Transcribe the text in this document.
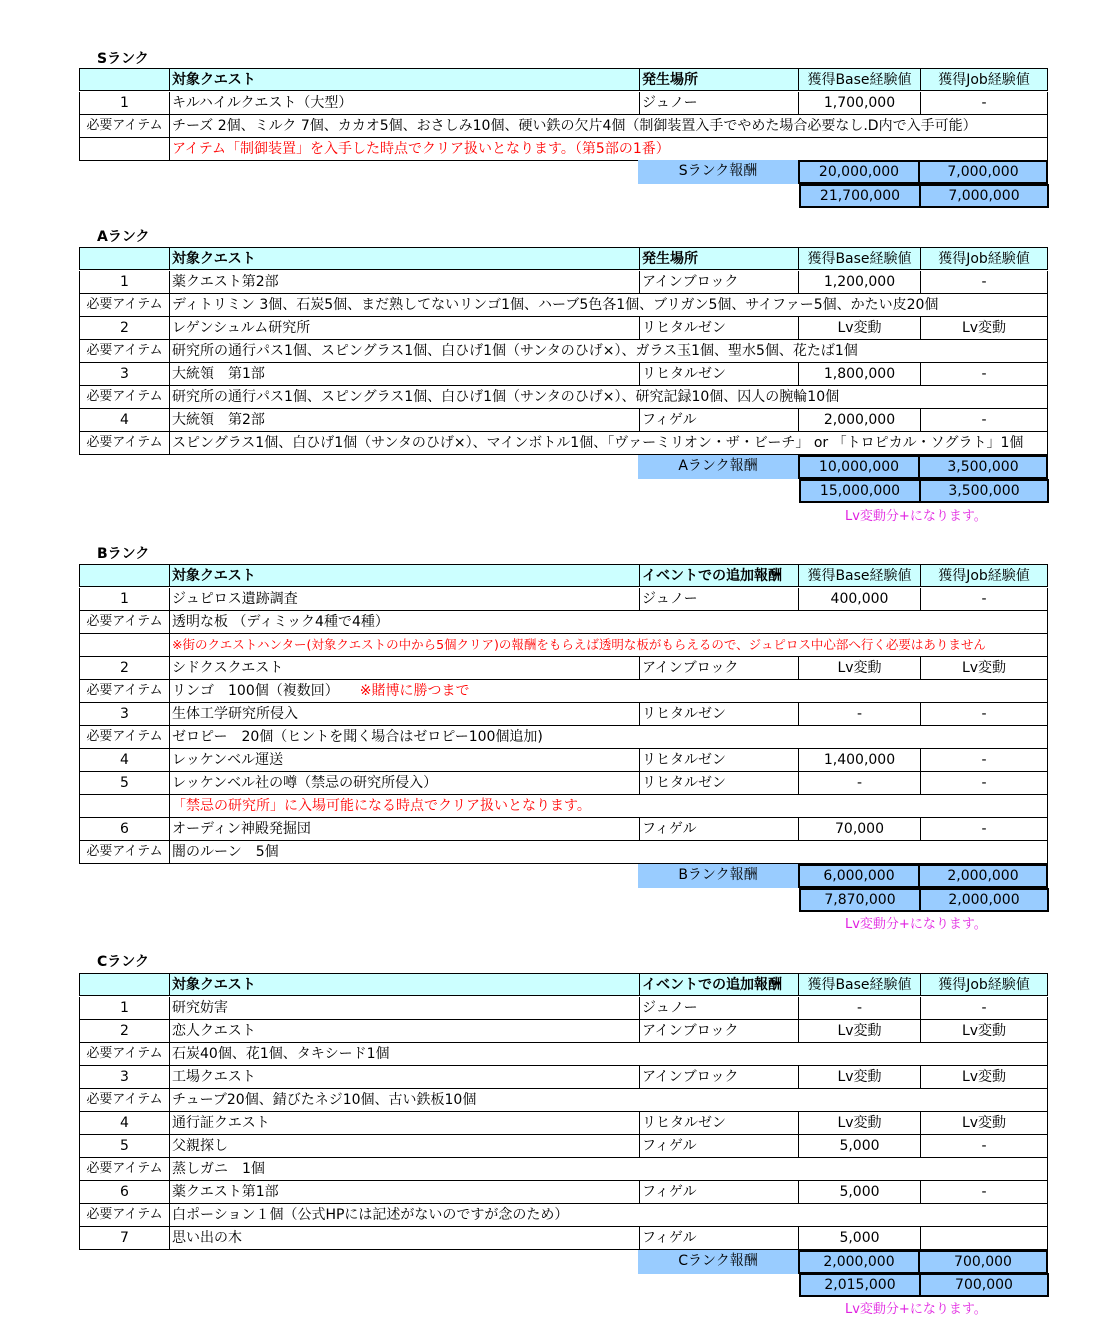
Sランク
対象クエスト	発生場所	獲得Base経験値	獲得Job経験値
1	キルハイルクエスト（大型）	ジュノー	1,700,000	-
必要アイテム チーズ 2個、ミルク 7個、カカオ5個、おさしみ10個、硬い鉄の欠片4個（制御装置入手でやめた場合必要なし.D内で入手可能）
アイテム「制御装置」を入手した時点でクリア扱いとなります。（第5部の1番）
Sランク報酬	20,000,000	7,000,000
21,700,000	7,000,000
Aランク
対象クエスト	発生場所	獲得Base経験値	獲得Job経験値
1	薬クエスト第2部	アインブロック	1,200,000	-
必要アイテム ディトリミン 3個、石炭5個、まだ熟してないリンゴ1個、ハーブ5色各1個、ブリガン5個、サイファー5個、かたい皮20個
2	レゲンシュルム研究所	リヒタルゼン	Lv変動	Lv変動
必要アイテム 研究所の通行パス1個、スピングラス1個、白ひげ1個（サンタのひげ×）、ガラス玉1個、聖水5個、花たば1個
3	大統領　第1部	リヒタルゼン	1,800,000	-
必要アイテム 研究所の通行パス1個、スピングラス1個、白ひげ1個（サンタのひげ×）、研究記録10個、囚人の腕輪10個
4	大統領　第2部	フィゲル	2,000,000	-
必要アイテム スピングラス1個、白ひげ1個（サンタのひげ×）、マインボトル1個、「ヴァーミリオン・ザ・ビーチ」 or 「トロピカル・ソグラト」1個
Aランク報酬	10,000,000	3,500,000
15,000,000	3,500,000
Lv変動分+になります。
Bランク
対象クエスト	イベントでの追加報酬	獲得Base経験値	獲得Job経験値
1	ジュピロス遺跡調査	ジュノー	400,000	-
必要アイテム 透明な板 （ディミック4種で4種）
※街のクエストハンター(対象クエストの中から5個クリア)の報酬をもらえば透明な板がもらえるので、ジュピロス中心部へ行く必要はありません
2	シドクスクエスト	アインブロック	Lv変動	Lv変動
必要アイテム リンゴ　100個（複数回）　　 ※賭博に勝つまで
3	生体工学研究所侵入	リヒタルゼン	-	-
必要アイテム ゼロピー　20個（ヒントを聞く場合はゼロピー100個追加)
4	レッケンベル運送	リヒタルゼン	1,400,000	-
5	レッケンベル社の噂（禁忌の研究所侵入）	リヒタルゼン	-	-
「禁忌の研究所」に入場可能になる時点でクリア扱いとなります。
6	オーディン神殿発掘団	フィゲル	70,000	-
必要アイテム 闇のルーン　5個
Bランク報酬	6,000,000	2,000,000
7,870,000	2,000,000
Lv変動分+になります。
Cランク
対象クエスト	イベントでの追加報酬	獲得Base経験値	獲得Job経験値
1	研究妨害	ジュノー	-	-
2	恋人クエスト	アインブロック	Lv変動	Lv変動
必要アイテム 石炭40個、花1個、タキシード1個
3	工場クエスト	アインブロック	Lv変動	Lv変動
必要アイテム チューブ20個、錆びたネジ10個、古い鉄板10個
4	通行証クエスト	リヒタルゼン	Lv変動	Lv変動
5	父親探し	フィゲル	5,000	-
必要アイテム 蒸しガニ　1個
6	薬クエスト第1部	フィゲル	5,000	-
必要アイテム 白ポーション１個（公式HPには記述がないのですが念のため）
7	思い出の木	フィゲル	5,000
Cランク報酬	2,000,000	700,000
2,015,000	700,000
Lv変動分+になります。
